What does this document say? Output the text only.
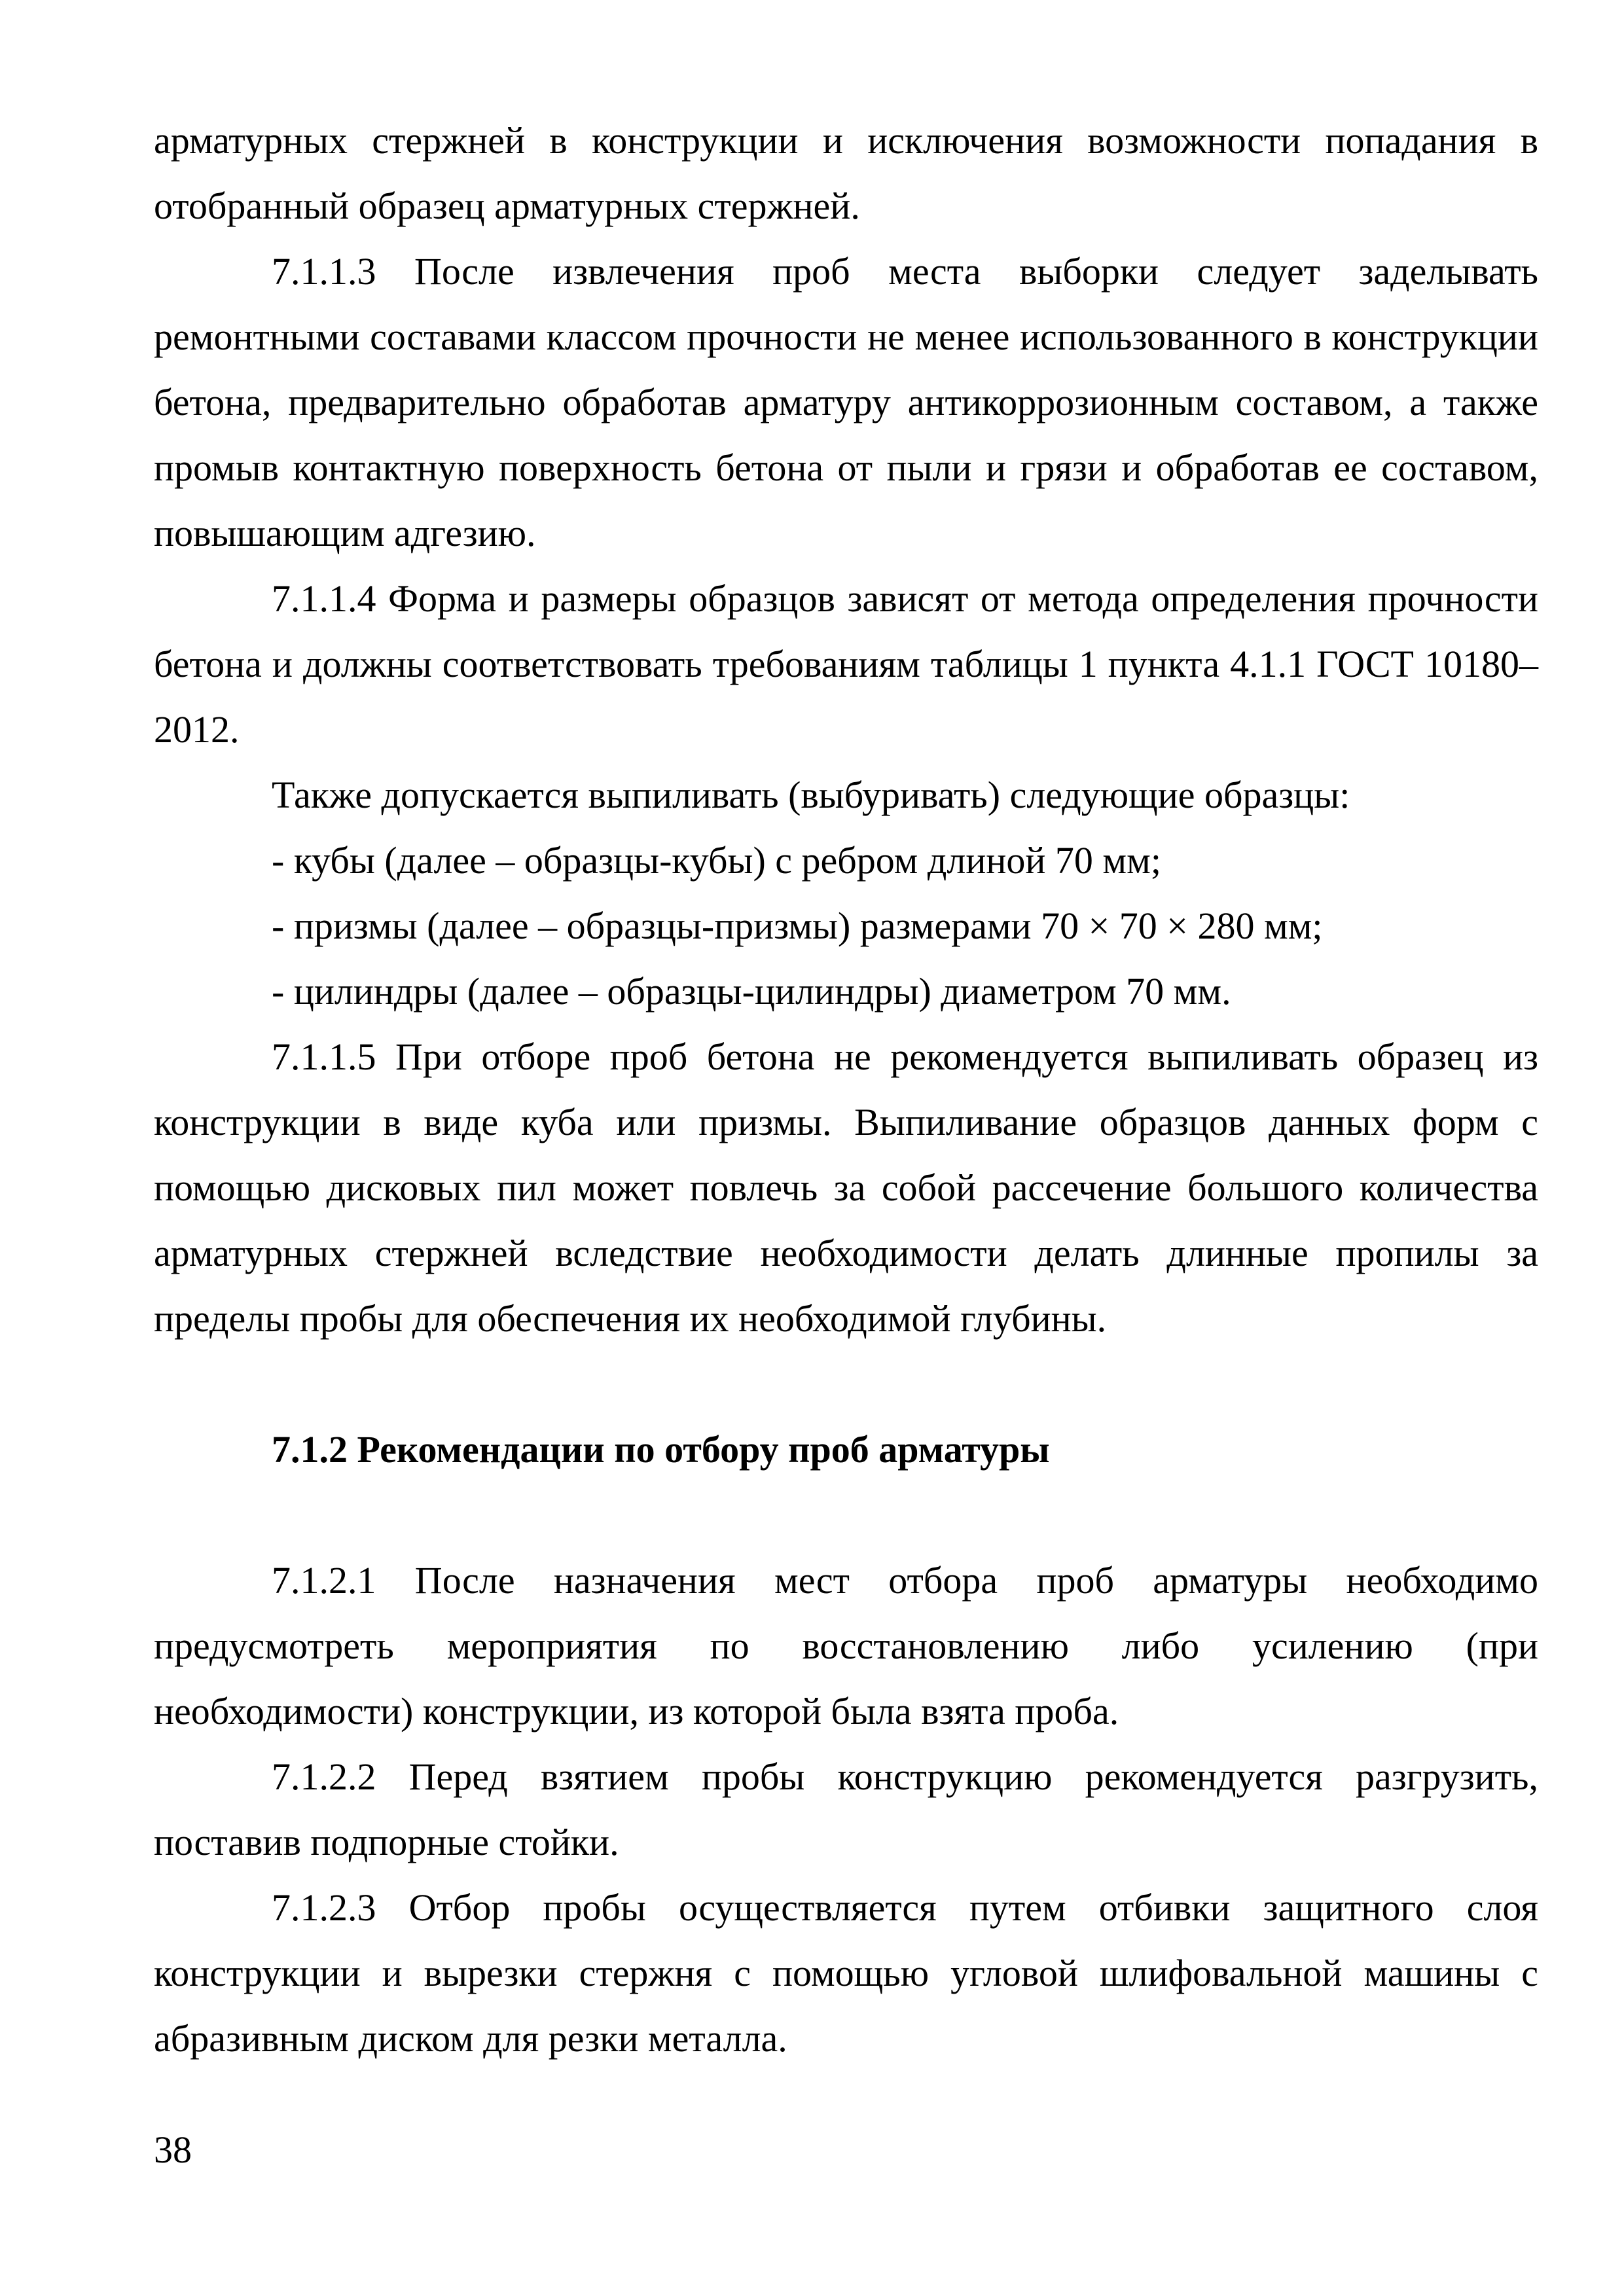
арматурных стержней в конструкции и исключения возможности попадания в отобранный образец арматурных стержней.

7.1.1.3 После извлечения проб места выборки следует заделывать ремонтными составами классом прочности не менее использованного в конструкции бетона, предварительно обработав арматуру антикоррозионным составом, а также промыв контактную поверхность бетона от пыли и грязи и обработав ее составом, повышающим адгезию.

7.1.1.4 Форма и размеры образцов зависят от метода определения прочности бетона и должны соответствовать требованиям таблицы 1 пункта 4.1.1 ГОСТ 10180–2012.

Также допускается выпиливать (выбуривать) следующие образцы:

- кубы (далее – образцы-кубы) с ребром длиной 70 мм;

- призмы (далее – образцы-призмы) размерами 70 × 70 × 280 мм;

- цилиндры (далее – образцы-цилиндры) диаметром 70 мм.

7.1.1.5 При отборе проб бетона не рекомендуется выпиливать образец из конструкции в виде куба или призмы. Выпиливание образцов данных форм с помощью дисковых пил может повлечь за собой рассечение большого количества арматурных стержней вследствие необходимости делать длинные пропилы за пределы пробы для обеспечения их необходимой глубины.

7.1.2 Рекомендации по отбору проб арматуры

7.1.2.1 После назначения мест отбора проб арматуры необходимо предусмотреть мероприятия по восстановлению либо усилению (при необходимости) конструкции, из которой была взята проба.

7.1.2.2 Перед взятием пробы конструкцию рекомендуется разгрузить, поставив подпорные стойки.

7.1.2.3 Отбор пробы осуществляется путем отбивки защитного слоя конструкции и вырезки стержня с помощью угловой шлифовальной машины с абразивным диском для резки металла.

38
